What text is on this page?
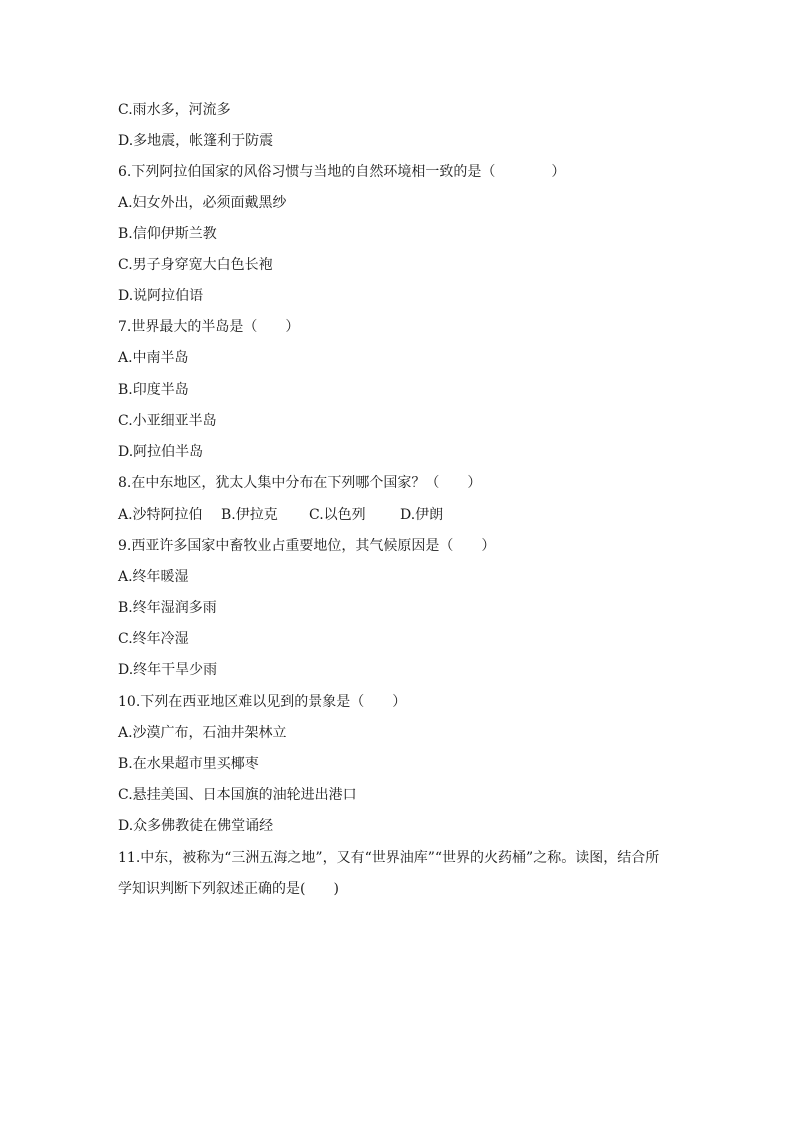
C.雨水多，河流多
D.多地震，帐篷利于防震
6.下列阿拉伯国家的风俗习惯与当地的自然环境相一致的是（　　　　）
A.妇女外出，必须面戴黑纱
B.信仰伊斯兰教
C.男子身穿宽大白色长袍
D.说阿拉伯语
7.世界最大的半岛是（　　）
A.中南半岛
B.印度半岛
C.小亚细亚半岛
D.阿拉伯半岛
8.在中东地区，犹太人集中分布在下列哪个国家？（　　）
A.沙特阿拉伯 B.伊拉克 C.以色列 D.伊朗
9.西亚许多国家中畜牧业占重要地位，其气候原因是（　　）
A.终年暖湿
B.终年湿润多雨
C.终年冷湿
D.终年干旱少雨
10.下列在西亚地区难以见到的景象是（　　）
A.沙漠广布，石油井架林立
B.在水果超市里买椰枣
C.悬挂美国、日本国旗的油轮进出港口
D.众多佛教徒在佛堂诵经
11.中东，被称为“三洲五海之地”，又有“世界油库”“世界的火药桶”之称。读图，结合所
学知识判断下列叙述正确的是(　　)
